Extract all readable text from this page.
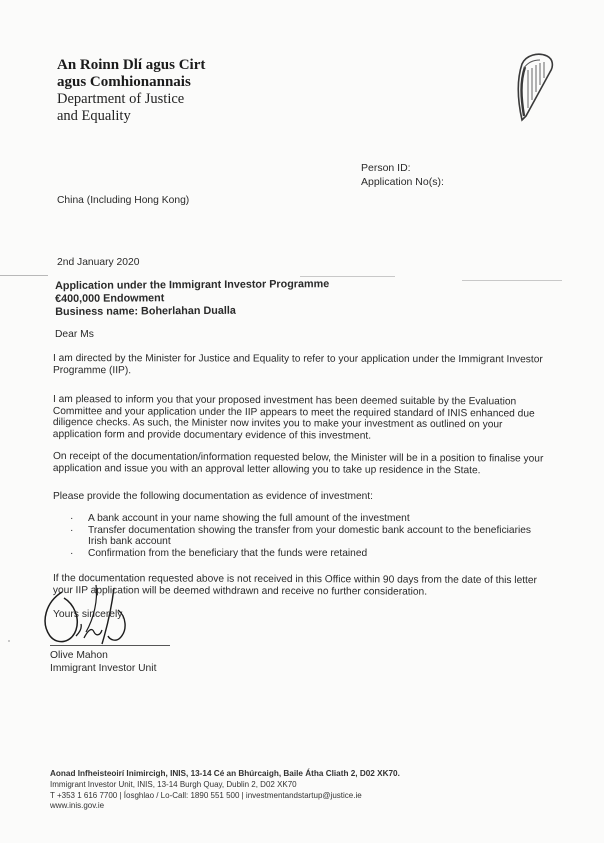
An Roinn Dlí agus Cirt
agus Comhionannais
Department of Justice
and Equality
Person ID:
Application No(s):
China (Including Hong Kong)
2nd January 2020
Application under the Immigrant Investor Programme
€400,000 Endowment
Business name: Boherlahan Dualla
Dear Ms
I am directed by the Minister for Justice and Equality to refer to your application under the Immigrant Investor Programme (IIP).
I am pleased to inform you that your proposed investment has been deemed suitable by the Evaluation Committee and your application under the IIP appears to meet the required standard of INIS enhanced due diligence checks. As such, the Minister now invites you to make your investment as outlined on your application form and provide documentary evidence of this investment.
On receipt of the documentation/information requested below, the Minister will be in a position to finalise your application and issue you with an approval letter allowing you to take up residence in the State.
Please provide the following documentation as evidence of investment:
· A bank account in your name showing the full amount of the investment
· Transfer documentation showing the transfer from your domestic bank account to the beneficiaries Irish bank account
· Confirmation from the beneficiary that the funds were retained
If the documentation requested above is not received in this Office within 90 days from the date of this letter your IIP application will be deemed withdrawn and receive no further consideration.
Yours sincerely,
Olive Mahon
Immigrant Investor Unit
Aonad Infheisteoirí Inimircigh, INIS, 13-14 Cé an Bhúrcaigh, Baile Átha Cliath 2, D02 XK70.
Immigrant Investor Unit, INIS, 13-14 Burgh Quay, Dublin 2, D02 XK70
T +353 1 616 7700 | Íosghlao / Lo-Call: 1890 551 500 | investmentandstartup@justice.ie
www.inis.gov.ie
